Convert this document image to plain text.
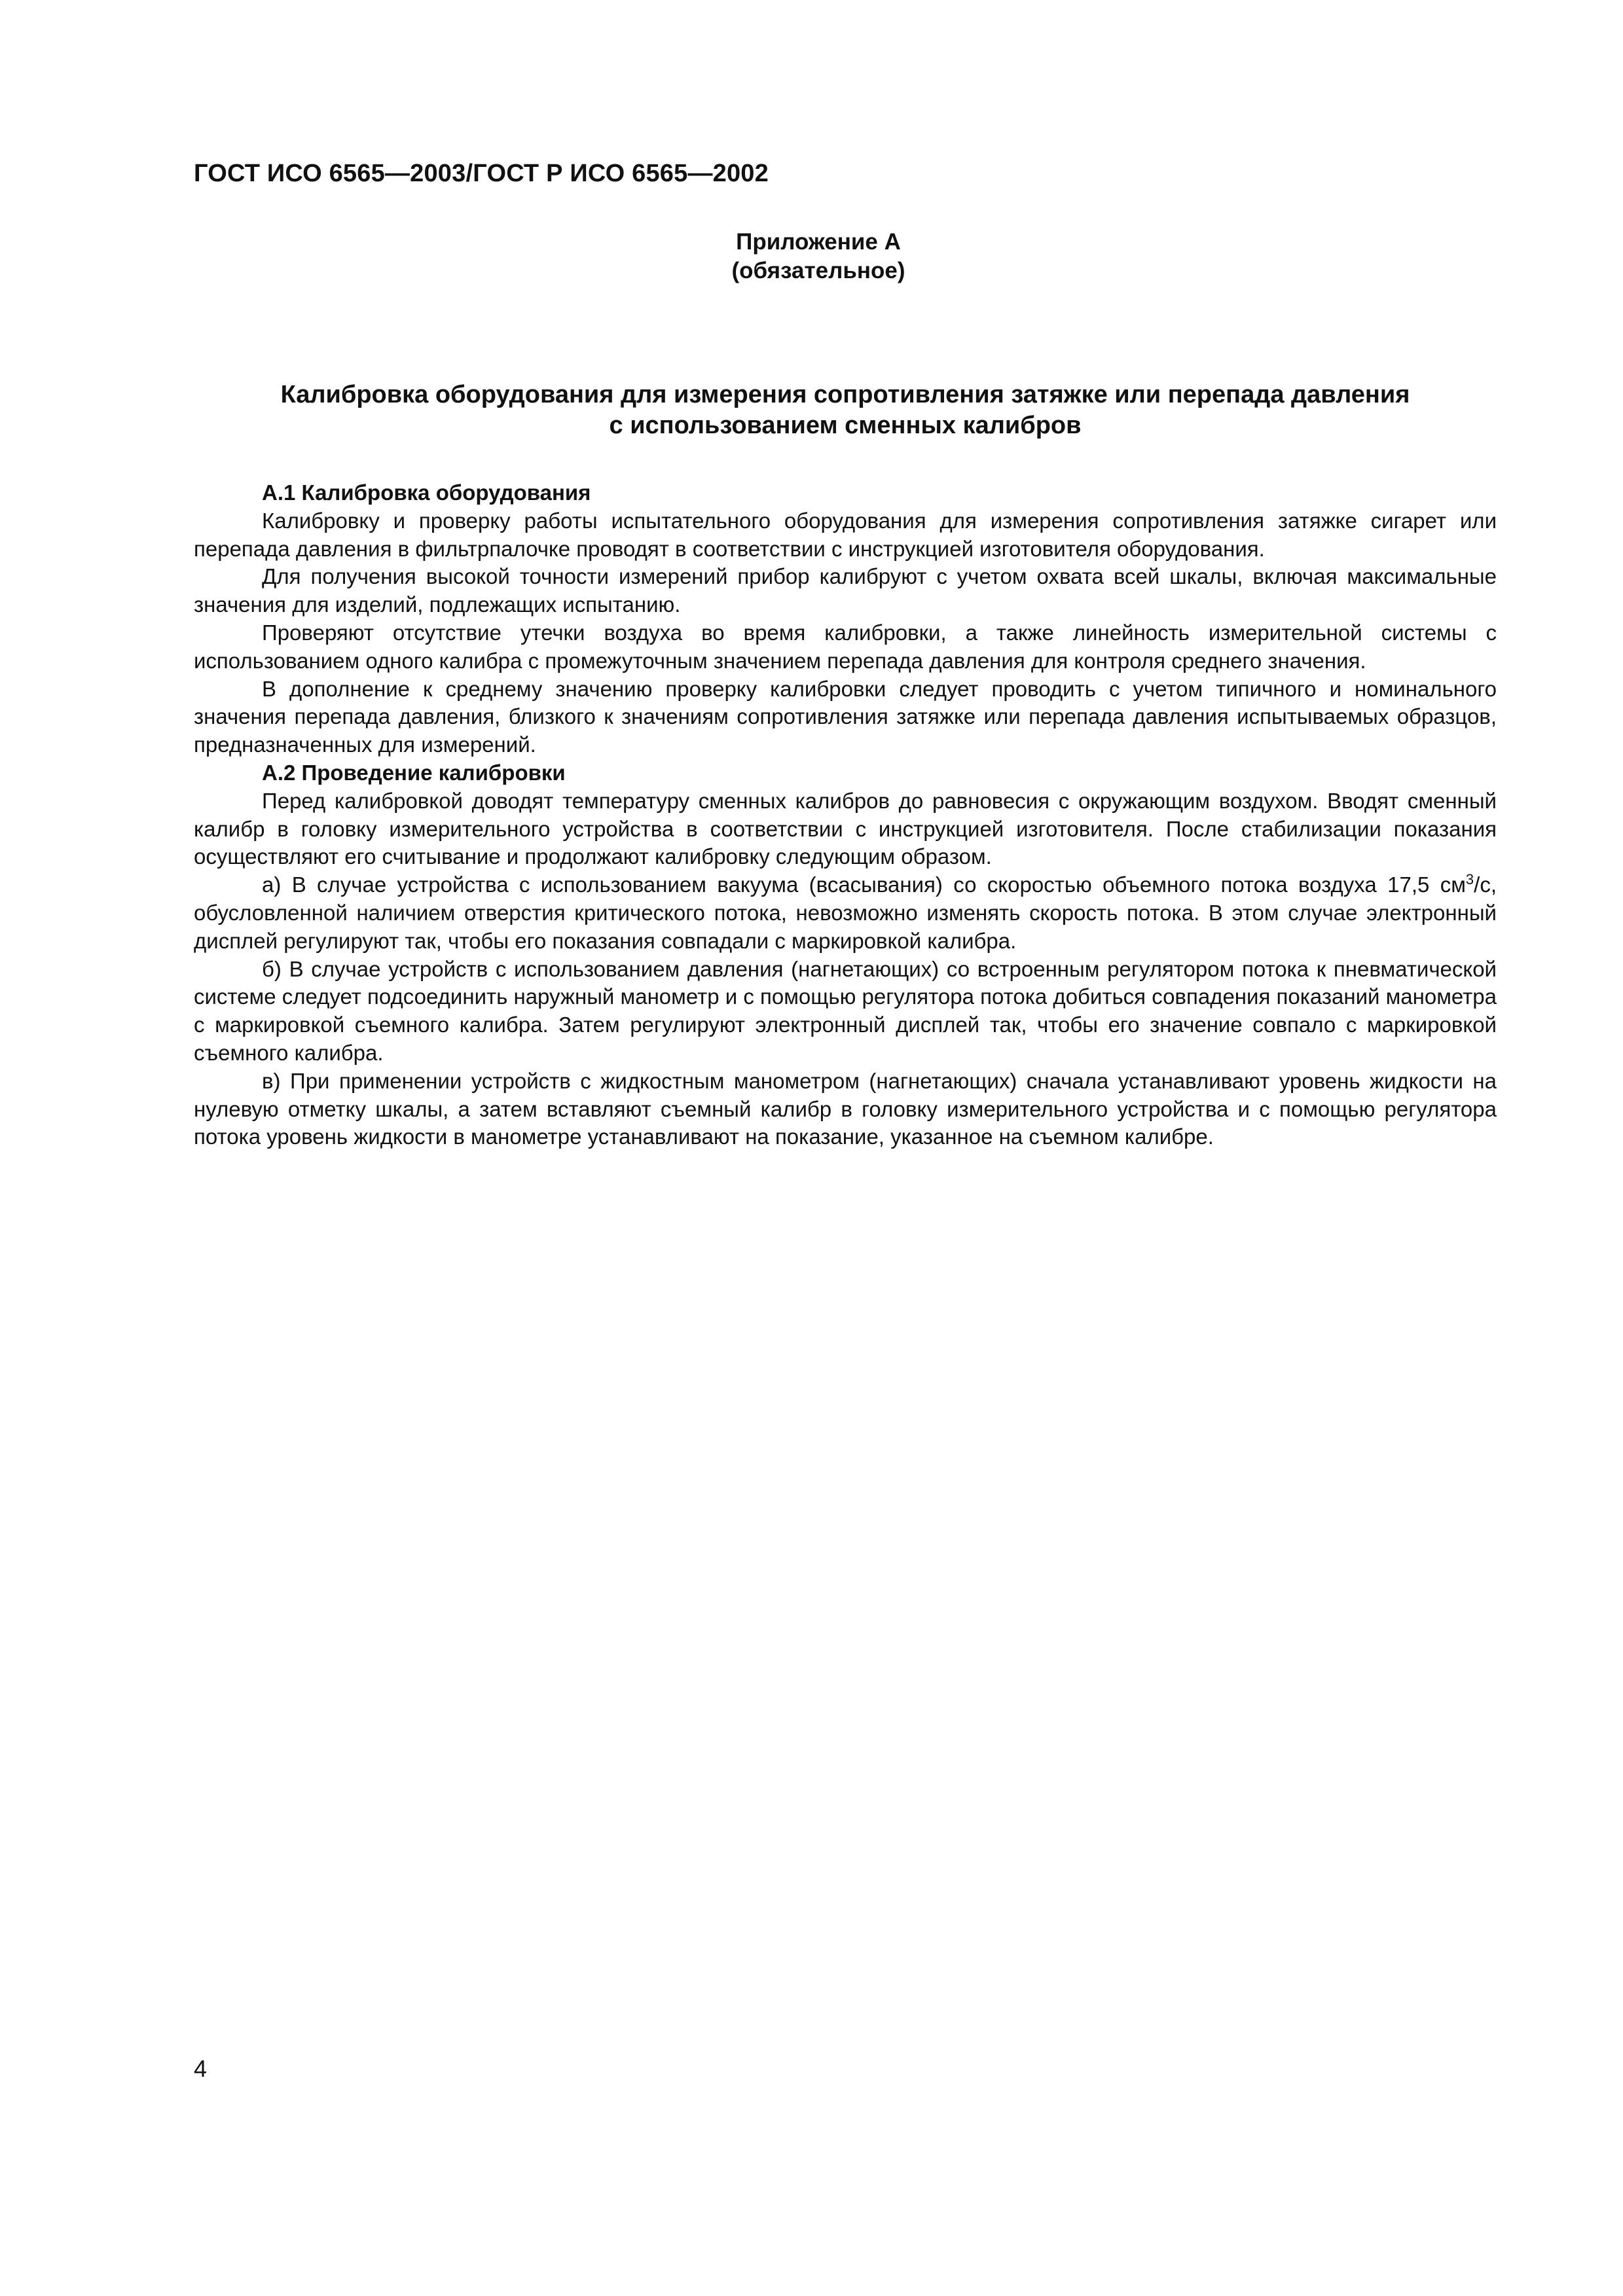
ГОСТ ИСО 6565—2003/ГОСТ Р ИСО 6565—2002
Приложение А
(обязательное)
Калибровка оборудования для измерения сопротивления затяжке или перепада давления
с использованием сменных калибров
А.1 Калибровка оборудования

Калибровку и проверку работы испытательного оборудования для измерения сопротивления затяжке сигарет или перепада давления в фильтрпалочке проводят в соответствии с инструкцией изготовителя оборудования.

Для получения высокой точности измерений прибор калибруют с учетом охвата всей шкалы, включая максимальные значения для изделий, подлежащих испытанию.

Проверяют отсутствие утечки воздуха во время калибровки, а также линейность измерительной системы с использованием одного калибра с промежуточным значением перепада давления для контроля среднего значения.

В дополнение к среднему значению проверку калибровки следует проводить с учетом типичного и номинального значения перепада давления, близкого к значениям сопротивления затяжке или перепада давления испытываемых образцов, предназначенных для измерений.

А.2 Проведение калибровки

Перед калибровкой доводят температуру сменных калибров до равновесия с окружающим воздухом. Вводят сменный калибр в головку измерительного устройства в соответствии с инструкцией изготовителя. После стабилизации показания осуществляют его считывание и продолжают калибровку следующим образом.

а) В случае устройства с использованием вакуума (всасывания) со скоростью объемного потока воздуха 17,5 $см^3/с$, обусловленной наличием отверстия критического потока, невозможно изменять скорость потока. В этом случае электронный дисплей регулируют так, чтобы его показания совпадали с маркировкой калибра.

б) В случае устройств с использованием давления (нагнетающих) со встроенным регулятором потока к пневматической системе следует подсоединить наружный манометр и с помощью регулятора потока добиться совпадения показаний манометра с маркировкой съемного калибра. Затем регулируют электронный дисплей так, чтобы его значение совпало с маркировкой съемного калибра.

в) При применении устройств с жидкостным манометром (нагнетающих) сначала устанавливают уровень жидкости на нулевую отметку шкалы, а затем вставляют съемный калибр в головку измерительного устройства и с помощью регулятора потока уровень жидкости в манометре устанавливают на показание, указанное на съемном калибре.

4
